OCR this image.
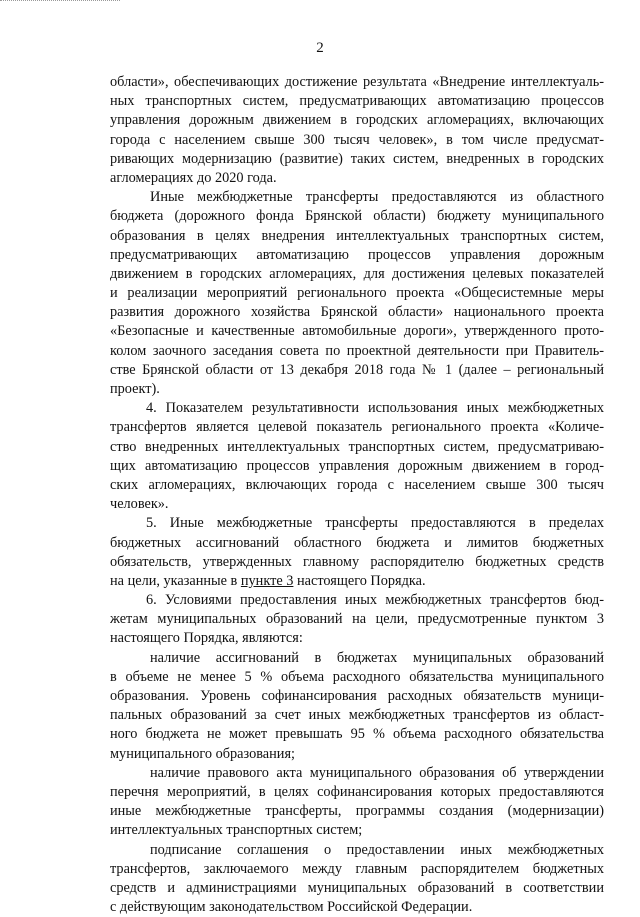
2
области», обеспечивающих достижение результата «Внедрение интеллектуаль-
ных транспортных систем, предусматривающих автоматизацию процессов
управления дорожным движением в городских агломерациях, включающих
города с населением свыше 300 тысяч человек», в том числе предусмат-
ривающих модернизацию (развитие) таких систем, внедренных в городских
агломерациях до 2020 года.
Иные межбюджетные трансферты предоставляются из областного
бюджета (дорожного фонда Брянской области) бюджету муниципального
образования в целях внедрения интеллектуальных транспортных систем,
предусматривающих автоматизацию процессов управления дорожным
движением в городских агломерациях, для достижения целевых показателей
и реализации мероприятий регионального проекта «Общесистемные меры
развития дорожного хозяйства Брянской области» национального проекта
«Безопасные и качественные автомобильные дороги», утвержденного прото-
колом заочного заседания совета по проектной деятельности при Правитель-
стве Брянской области от 13 декабря 2018 года № 1 (далее – региональный
проект).
4. Показателем результативности использования иных межбюджетных
трансфертов является целевой показатель регионального проекта «Количе-
ство внедренных интеллектуальных транспортных систем, предусматриваю-
щих автоматизацию процессов управления дорожным движением в город-
ских агломерациях, включающих города с населением свыше 300 тысяч
человек».
5. Иные межбюджетные трансферты предоставляются в пределах
бюджетных ассигнований областного бюджета и лимитов бюджетных
обязательств, утвержденных главному распорядителю бюджетных средств
на цели, указанные в пункте 3 настоящего Порядка.
6. Условиями предоставления иных межбюджетных трансфертов бюд-
жетам муниципальных образований на цели, предусмотренные пунктом 3
настоящего Порядка, являются:
наличие ассигнований в бюджетах муниципальных образований
в объеме не менее 5 % объема расходного обязательства муниципального
образования. Уровень софинансирования расходных обязательств муници-
пальных образований за счет иных межбюджетных трансфертов из област-
ного бюджета не может превышать 95 % объема расходного обязательства
муниципального образования;
наличие правового акта муниципального образования об утверждении
перечня мероприятий, в целях софинансирования которых предоставляются
иные межбюджетные трансферты, программы создания (модернизации)
интеллектуальных транспортных систем;
подписание соглашения о предоставлении иных межбюджетных
трансфертов, заключаемого между главным распорядителем бюджетных
средств и администрациями муниципальных образований в соответствии
с действующим законодательством Российской Федерации.
